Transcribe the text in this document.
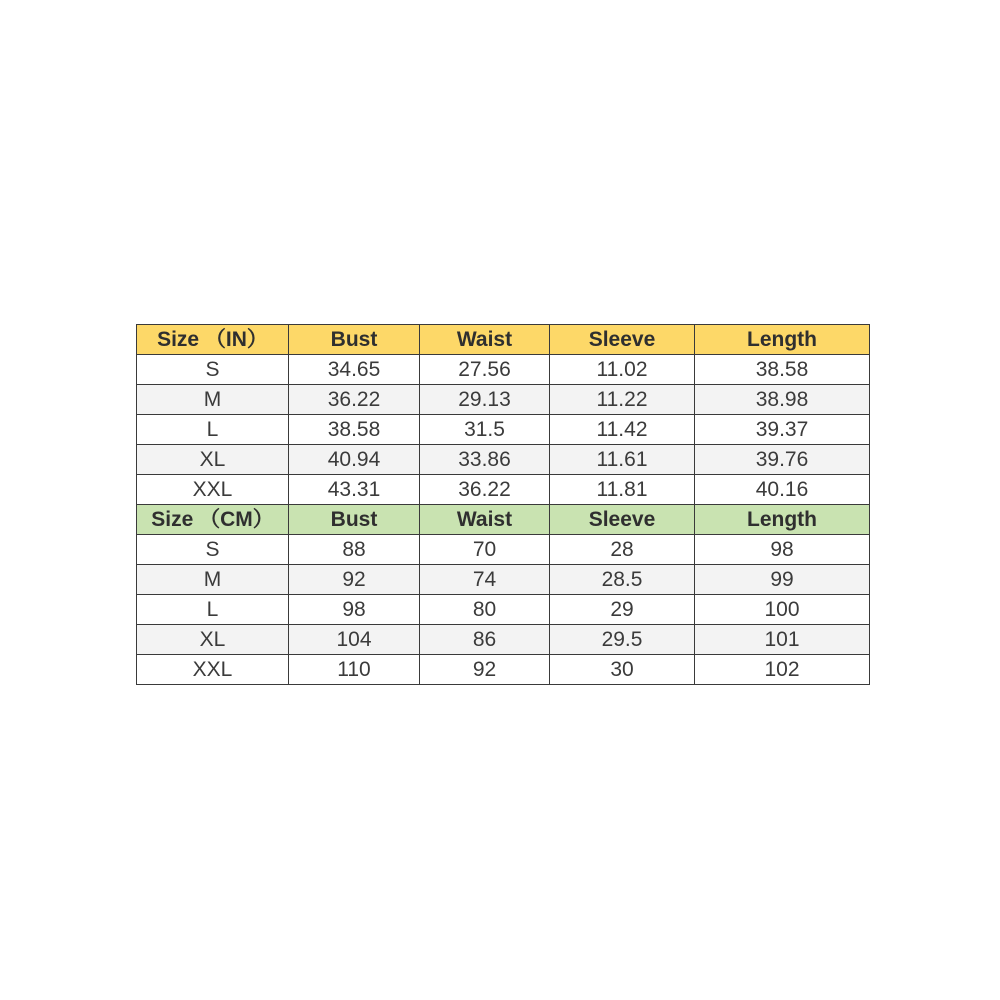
Size （IN）	Bust	Waist	Sleeve	Length
S	34.65	27.56	11.02	38.58
M	36.22	29.13	11.22	38.98
L	38.58	31.5	11.42	39.37
XL	40.94	33.86	11.61	39.76
XXL	43.31	36.22	11.81	40.16
Size （CM）	Bust	Waist	Sleeve	Length
S	88	70	28	98
M	92	74	28.5	99
L	98	80	29	100
XL	104	86	29.5	101
XXL	110	92	30	102
